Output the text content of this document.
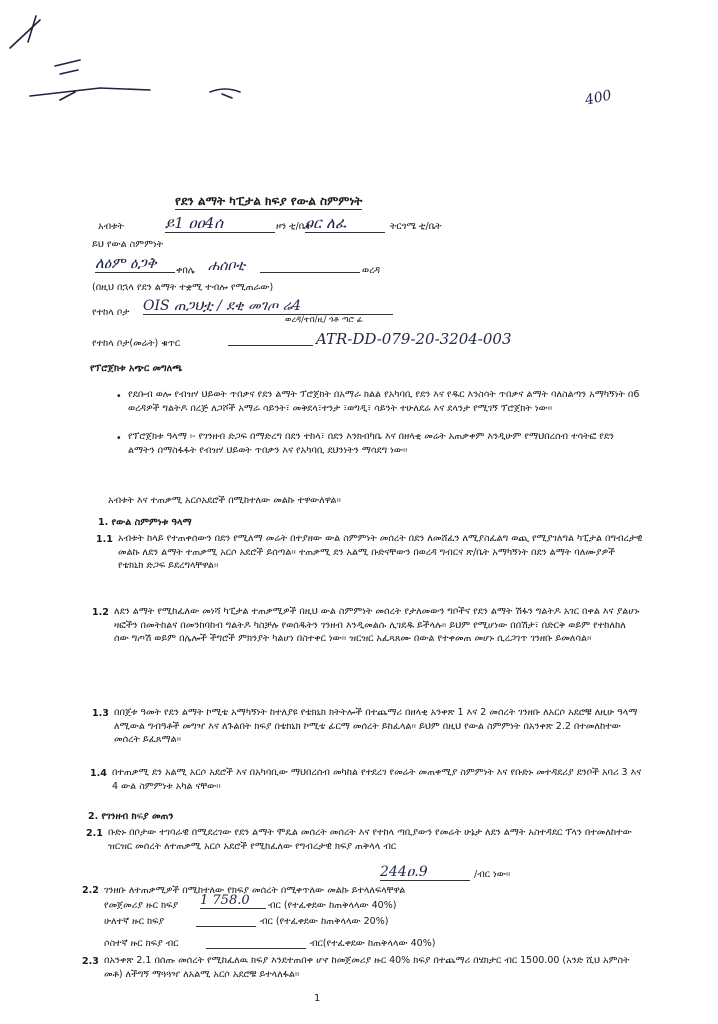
400
የደን ልማት ካፒታል ክፍያ የውል ስምምነት
አብቱት	ይ1 ዐዐ4ሰ	ዞን ቲ/ቤት
ዐር ለፈ	ትርጎሜ ቲ/ቤት
ይህ የውል ስምምነት
ለዕም ዕጋቅ	ሐሰቦቲ
ቀበሌ	ወረዳ
(በዚህ በኋላ የደን ልማት ተቋሚ ተብሎ የሚጠራው)
የተከላ ቦታ OIS ጠጋህቷ / ደቂ መገጦ ሬ4
ወረዳ/ተበ/ዚ/ ጎቶ ጣሮ ፊ
የተከላ ቦታ(መሬት) ቁጥር	ATR-DD-079-20-3204-003
የፕሮጀክቱ አጭር መግለጫ
• የደቡብ ወሎ የብዝሃ ህይወት ጥበቃና የደን ልማት ፕሮጀክት በአማራ ክልል የአካባቢ የደን እና የዱር እንስሳት ጥበቃና ልማት ባለስልጣን አማካኝነት በ6 ወረዳዎች ግልትዶ በረጅ ለጋሾች አማራ ሳይንት፣ መቅደላ፣ተንታ ፣ወግዲ፣ ሳይንት ተሁለደሬ እና ደላንታ የሚገኝ ፕሮጀክት ነው፡፡
• የፕሮጀክቱ ዓላማ ፡- የገንዘብ ድጋፍ በማድረግ በደን ተከላ፣ በደን እንክብካቤ እና በዘላቂ መሬት አጠቃቀም እንዲሁም የማህበረሰብ ተሳትፎ የደን ልማትን በማስፋፋት የብዝሃ ህይወት ጥበቃን እና የአካባቢ ደህንነትን ማሳደግ ነው፡፡
አብቱት እና ተጠቃሚ አርሶአደሮች በሚከተለው መልኩ ተዋውለዋል፡፡
1. የውል ስምምነቱ ዓላማ
1.1 አብቱት ከላይ የተጠቀሰውን በደን የሚለማ መሬት በተያዘው ውል ስምምነት መሰረት በደን ለመሸፈን ለሚያስፈልግ ወጪ የሚያገለግል ካፒታል በግብረታዊ መልኩ ለደን ልማት ተጠቃሚ አርሶ አደሮች ይሰጣል፡፡ ተጠቃሚ ደን አልሚ ቡድናቸውን በወረዳ ግብርና ጽ/ቤት አማካኝነት በደን ልማት ባለሙያዎች የቴክኒክ ድጋፍ ይደረግላቸዋል፡፡
1.2 ለደን ልማት የሚከፈለው መነሻ ካፒታል ተጠቃሚዎች በዚህ ውል ስምምነት መሰረት የታለመውን ግቦችና የደን ልማት ሽፋን ግልትዶ አገር በቀል እና ያልሆኑ ዛፎችን በመትከልና በመንከባከብ ግልትዶ ካስቻሉ የወሰዱትን ገንዘብ እንዲመልሱ ሊገደዱ ይችላሉ፡፡ ይህም የሚሆነው በበሽታ፣ በድርቅ ወይም የተከለከለ ሰው ግጦሽ ወይም በሌሎች ችግሮች ምክንያት ካልሆነ በስተቀር ነው፡፡ ዝርዝር አፈጻጸሙ በውል የተቀመጠ መሆኑ ሲረጋገጥ ገንዘቡ ይመለሳል፡፡
1.3 በበጀቱ ዓመት የደን ልማት ኮሚቴ አማካኝነት ከተለያዩ የቴክኒክ ክትትሎች በተጨማሪ በዘላቂ አንቀጽ 1 እና 2 መሰረት ገንዘቡ ለአርሶ አደሮቹ ለዚሁ ዓላማ ለሚውል ግብዓቶች መግዣ እና ለጉልበት ክፍያ በቴክኒክ ኮሚቴ ፊርማ መሰረት ይከፈላል፡፡ ይህም በዚህ የውል ስምምነት በአንቀጽ 2.2 በተመለከተው መሰረት ይፈጸማል፡፡
1.4 በተጠቃሚ ደን አልሚ አርሶ አደሮች እና በአካባቢው ማህበረሰብ መካከል የተደረገ የመሬት መጠቀሚያ ስምምነት እና የቡድኑ መተዳደሪያ ደንቦች አባሪ 3 እና 4 ውል ስምምነቱ አካል ናቸው፡፡
2. የገንዘብ ክፍያ መጠን
2.1 ቡድኑ በቦታው ተገባራዊ በሚደረገው የደን ልማት ሞዴል መሰረት መሰረት እና የተከላ ጣቢያውን የመሬት ሁኔታ ለደን ልማት አስተዳደር ፕላን በተመለከተው ዝርዝር መሰረት ለተጠቃሚ አርሶ አደሮች የሚከፈለው የግብረታዊ ክፍያ ጠቅላላ ብር
244ዐ.9	/ብር ነው፡፡
2.2 ገንዘቡ ለተጠቃሚዎች በሚከተለው የክፍያ መሰረት በሚቀጥለው መልኩ ይተላለፍላቸዋል
የመጀመሪያ ዙር ክፍያ 1 758.0	ብር (የተፈቀደው ከጠቅላላው 40%)
ሁለተኛ ዙር ክፍያ	ብር (የተፈቀደው ከጠቅላላው 20%)
ሶስተኛ ዙር ክፍያ ብር	ብር(የተፈቀደው ከጠቅላላው 40%)
2.3 በአንቀጽ 2.1 በሰጡ መሰረት የሚከፈለዉ ክፍያ እንደተጠበቀ ሆኖ ከመጀመሪያ ዙር 40% ክፍያ በተጨማሪ በሄክታር ብር 1500.00 (አንድ ሺህ አምስት መቶ) ለችግኝ ማጓጓዣ ለአልሚ አርሶ አደሮቹ ይተላለፋል፡፡
1
